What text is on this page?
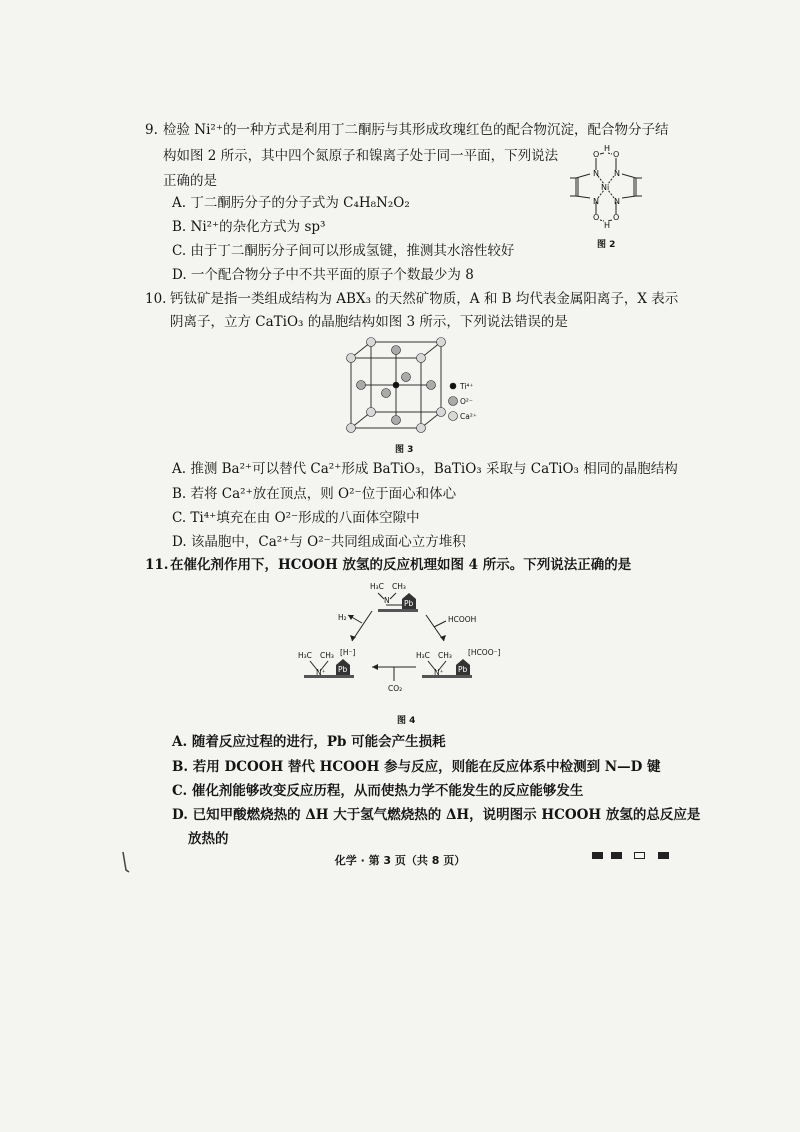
9. 检验 Ni²⁺的一种方式是利用丁二酮肟与其形成玫瑰红色的配合物沉淀，配合物分子结
构如图 2 所示，其中四个氮原子和镍离子处于同一平面，下列说法
正确的是
A. 丁二酮肟分子的分子式为 C₄H₈N₂O₂
B. Ni²⁺的杂化方式为 sp³
C. 由于丁二酮肟分子间可以形成氢键，推测其水溶性较好
D. 一个配合物分子中不共平面的原子个数最少为 8
O O
H
N N
Ni
N N
O O
H
图 2
10. 钙钛矿是指一类组成结构为 ABX₃ 的天然矿物质，A 和 B 均代表金属阳离子，X 表示
阴离子，立方 CaTiO₃ 的晶胞结构如图 3 所示，下列说法错误的是
Ti⁴⁺
O²⁻
Ca²⁺
图 3
A. 推测 Ba²⁺可以替代 Ca²⁺形成 BaTiO₃，BaTiO₃ 采取与 CaTiO₃ 相同的晶胞结构
B. 若将 Ca²⁺放在顶点，则 O²⁻位于面心和体心
C. Ti⁴⁺填充在由 O²⁻形成的八面体空隙中
D. 该晶胞中，Ca²⁺与 O²⁻共同组成面心立方堆积
11. 在催化剂作用下，HCOOH 放氢的反应机理如图 4 所示。下列说法正确的是
H₃C CH₃
N Pb
H₂	HCOOH
H₃C CH₃
N⁺ Pb
[H⁻]	H₃C CH₃
N⁺ Pb
[HCOO⁻]
CO₂
图 4
A. 随着反应过程的进行，Pb 可能会产生损耗
B. 若用 DCOOH 替代 HCOOH 参与反应，则能在反应体系中检测到 N—D 键
C. 催化剂能够改变反应历程，从而使热力学不能发生的反应能够发生
D. 已知甲酸燃烧热的 ΔH 大于氢气燃烧热的 ΔH，说明图示 HCOOH 放氢的总反应是
放热的
化学 · 第 3 页（共 8 页）
